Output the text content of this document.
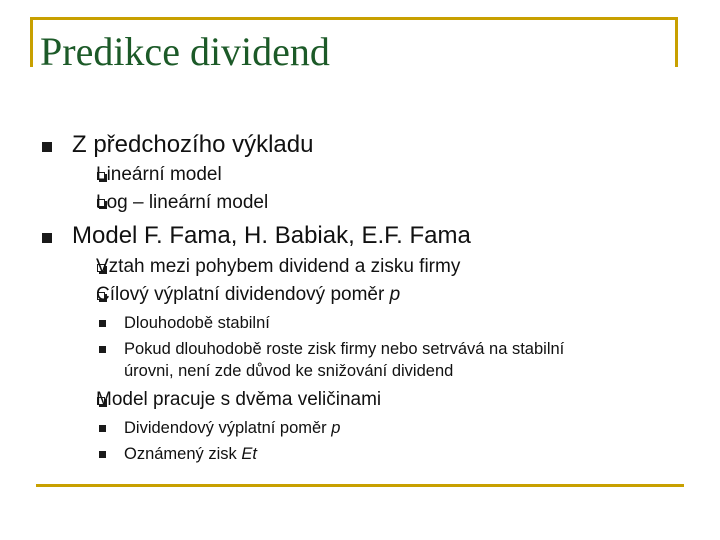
Predikce dividend
Z předchozího výkladu
Lineární model
Log – lineární model
Model F. Fama, H. Babiak, E.F. Fama
Vztah mezi pohybem dividend a zisku firmy
Cílový výplatní dividendový poměr p
Dlouhodobě stabilní
Pokud dlouhodobě roste zisk firmy nebo setrvává na stabilní
úrovni, není zde důvod ke snižování dividend
Model pracuje s dvěma veličinami
Dividendový výplatní poměr p
Oznámený zisk Et
